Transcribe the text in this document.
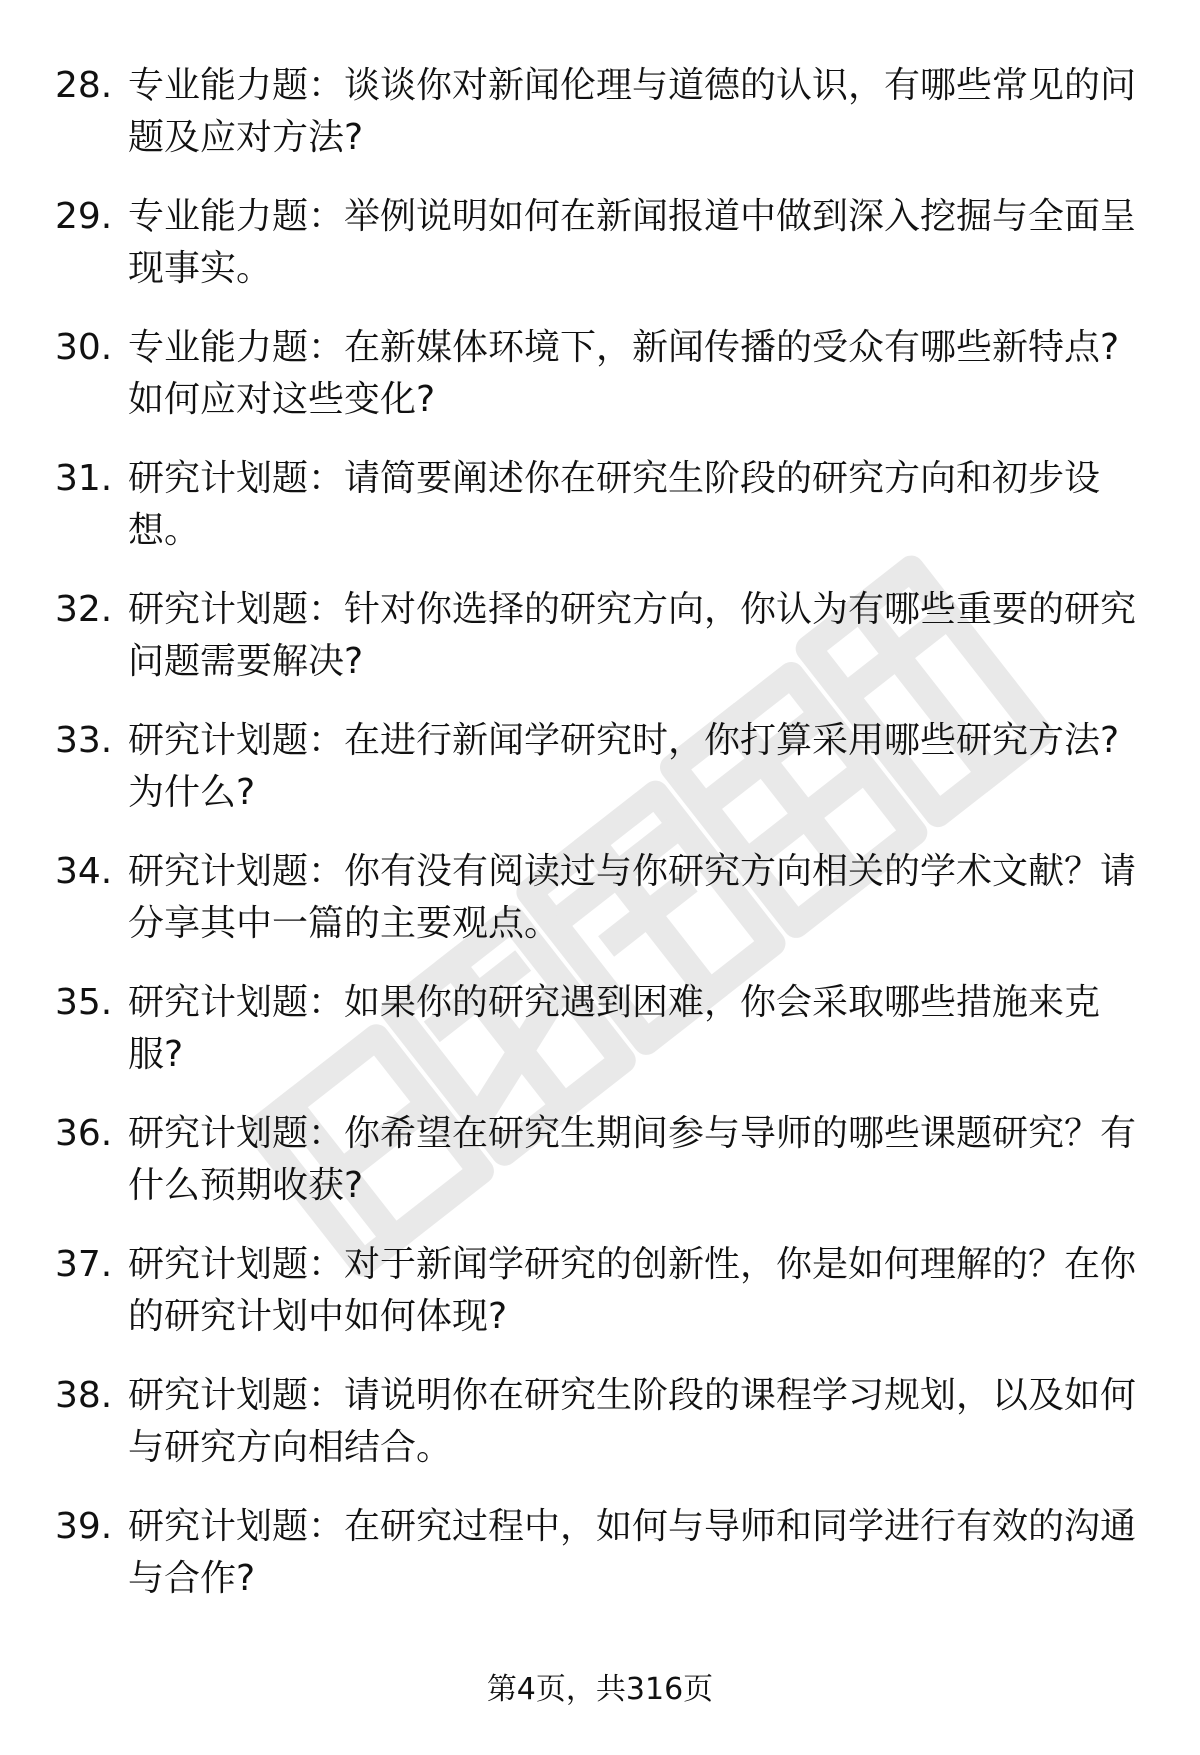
28. 专业能力题：谈谈你对新闻伦理与道德的认识，有哪些常见的问题及应对方法?
29. 专业能力题：举例说明如何在新闻报道中做到深入挖掘与全面呈现事实。
30. 专业能力题：在新媒体环境下，新闻传播的受众有哪些新特点?如何应对这些变化?
31. 研究计划题：请简要阐述你在研究生阶段的研究方向和初步设想。
32. 研究计划题：针对你选择的研究方向，你认为有哪些重要的研究问题需要解决?
33. 研究计划题：在进行新闻学研究时，你打算采用哪些研究方法?为什么?
34. 研究计划题：你有没有阅读过与你研究方向相关的学术文献？请分享其中一篇的主要观点。
35. 研究计划题：如果你的研究遇到困难，你会采取哪些措施来克服?
36. 研究计划题：你希望在研究生期间参与导师的哪些课题研究？有什么预期收获?
37. 研究计划题：对于新闻学研究的创新性，你是如何理解的？在你的研究计划中如何体现?
38. 研究计划题：请说明你在研究生阶段的课程学习规划，以及如何与研究方向相结合。
39. 研究计划题：在研究过程中，如何与导师和同学进行有效的沟通与合作?
第4页，共316页
